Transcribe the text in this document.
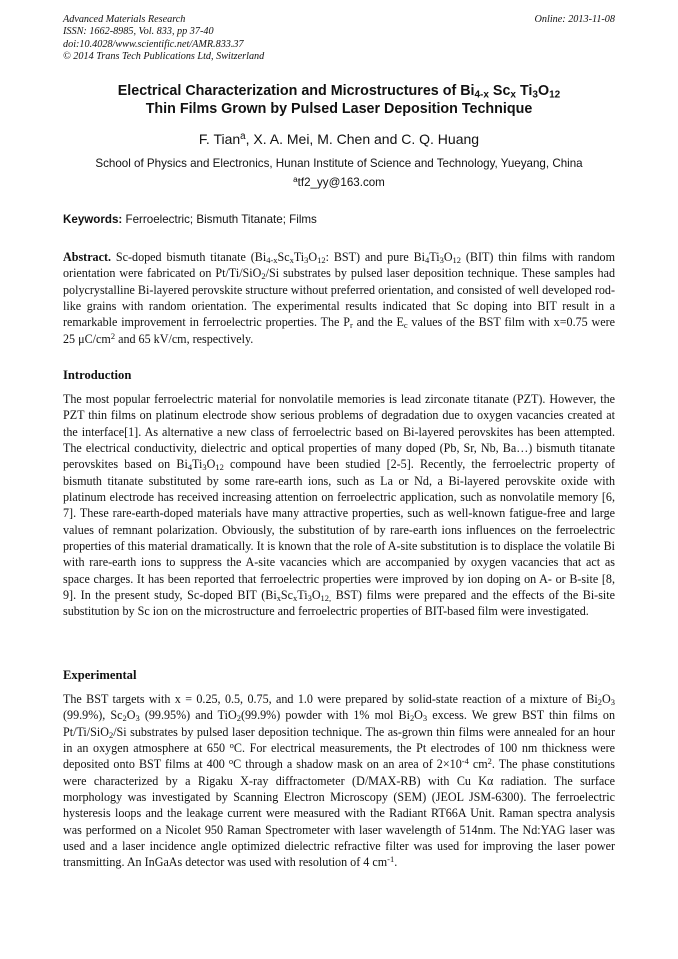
Advanced Materials Research
ISSN: 1662-8985, Vol. 833, pp 37-40
doi:10.4028/www.scientific.net/AMR.833.37
© 2014 Trans Tech Publications Ltd, Switzerland
Online: 2013-11-08
Electrical Characterization and Microstructures of $Bi_{4-x}$ $Sc_x$ $Ti_3O_{12}$
Thin Films Grown by Pulsed Laser Deposition Technique
F. Tian$^a$, X. A. Mei, M. Chen and C. Q. Huang
School of Physics and Electronics, Hunan Institute of Science and Technology, Yueyang, China
$^a$tf2_yy@163.com
Keywords: Ferroelectric; Bismuth Titanate; Films
Abstract. Sc-doped bismuth titanate ($Bi_{4-x}Sc_xTi_3O_{12}$: BST) and pure $Bi_4Ti_3O_{12}$ (BIT) thin films with random orientation were fabricated on Pt/Ti/SiO$_2$/Si substrates by pulsed laser deposition technique. These samples had polycrystalline Bi-layered perovskite structure without preferred orientation, and consisted of well developed rod-like grains with random orientation. The experimental results indicated that Sc doping into BIT result in a remarkable improvement in ferroelectric properties. The $P_r$ and the $E_c$ values of the BST film with x=0.75 were 25 $\mu C/cm^2$ and 65 kV/cm, respectively.
Introduction
The most popular ferroelectric material for nonvolatile memories is lead zirconate titanate (PZT). However, the PZT thin films on platinum electrode show serious problems of degradation due to oxygen vacancies created at the interface[1]. As alternative a new class of ferroelectric based on Bi-layered perovskites has been attempted. The electrical conductivity, dielectric and optical properties of many doped (Pb, Sr, Nb, Ba…) bismuth titanate perovskites based on $Bi_4Ti_3O_{12}$ compound have been studied [2-5]. Recently, the ferroelectric property of bismuth titanate substituted by some rare-earth ions, such as La or Nd, a Bi-layered perovskite oxide with platinum electrode has received increasing attention on ferroelectric application, such as nonvolatile memory [6, 7]. These rare-earth-doped materials have many attractive properties, such as well-known fatigue-free and large values of remnant polarization. Obviously, the substitution of by rare-earth ions influences on the ferroelectric properties of this material dramatically. It is known that the role of A-site substitution is to displace the volatile Bi with rare-earth ions to suppress the A-site vacancies which are accompanied by oxygen vacancies that act as space charges. It has been reported that ferroelectric properties were improved by ion doping on A- or B-site [8, 9]. In the present study, Sc-doped BIT ($Bi_xSc_xTi_3O_{12,}$ BST) films were prepared and the effects of the Bi-site substitution by Sc ion on the microstructure and ferroelectric properties of BIT-based film were investigated.
Experimental
The BST targets with x = 0.25, 0.5, 0.75, and 1.0 were prepared by solid-state reaction of a mixture of $Bi_2O_3$ (99.9%), $Sc_2O_3$ (99.95%) and TiO$_2$(99.9%) powder with 1% mol $Bi_2O_3$ excess. We grew BST thin films on Pt/Ti/SiO$_2$/Si substrates by pulsed laser deposition technique. The as-grown thin films were annealed for an hour in an oxygen atmosphere at 650 $^o$C. For electrical measurements, the Pt electrodes of 100 nm thickness were deposited onto BST films at 400 $^o$C through a shadow mask on an area of $2\times 10^{-4}$ $cm^2$. The phase constitutions were characterized by a Rigaku X-ray diffractometer (D/MAX-RB) with Cu Kα radiation. The surface morphology was investigated by Scanning Electron Microscopy (SEM) (JEOL JSM-6300). The ferroelectric hysteresis loops and the leakage current were measured with the Radiant RT66A Unit. Raman spectra analysis was performed on a Nicolet 950 Raman Spectrometer with laser wavelength of 514nm. The Nd:YAG laser was used and a laser incidence angle optimized dielectric refractive filter was used for improving the laser power transmitting. An InGaAs detector was used with resolution of 4 $cm^{-1}$.
